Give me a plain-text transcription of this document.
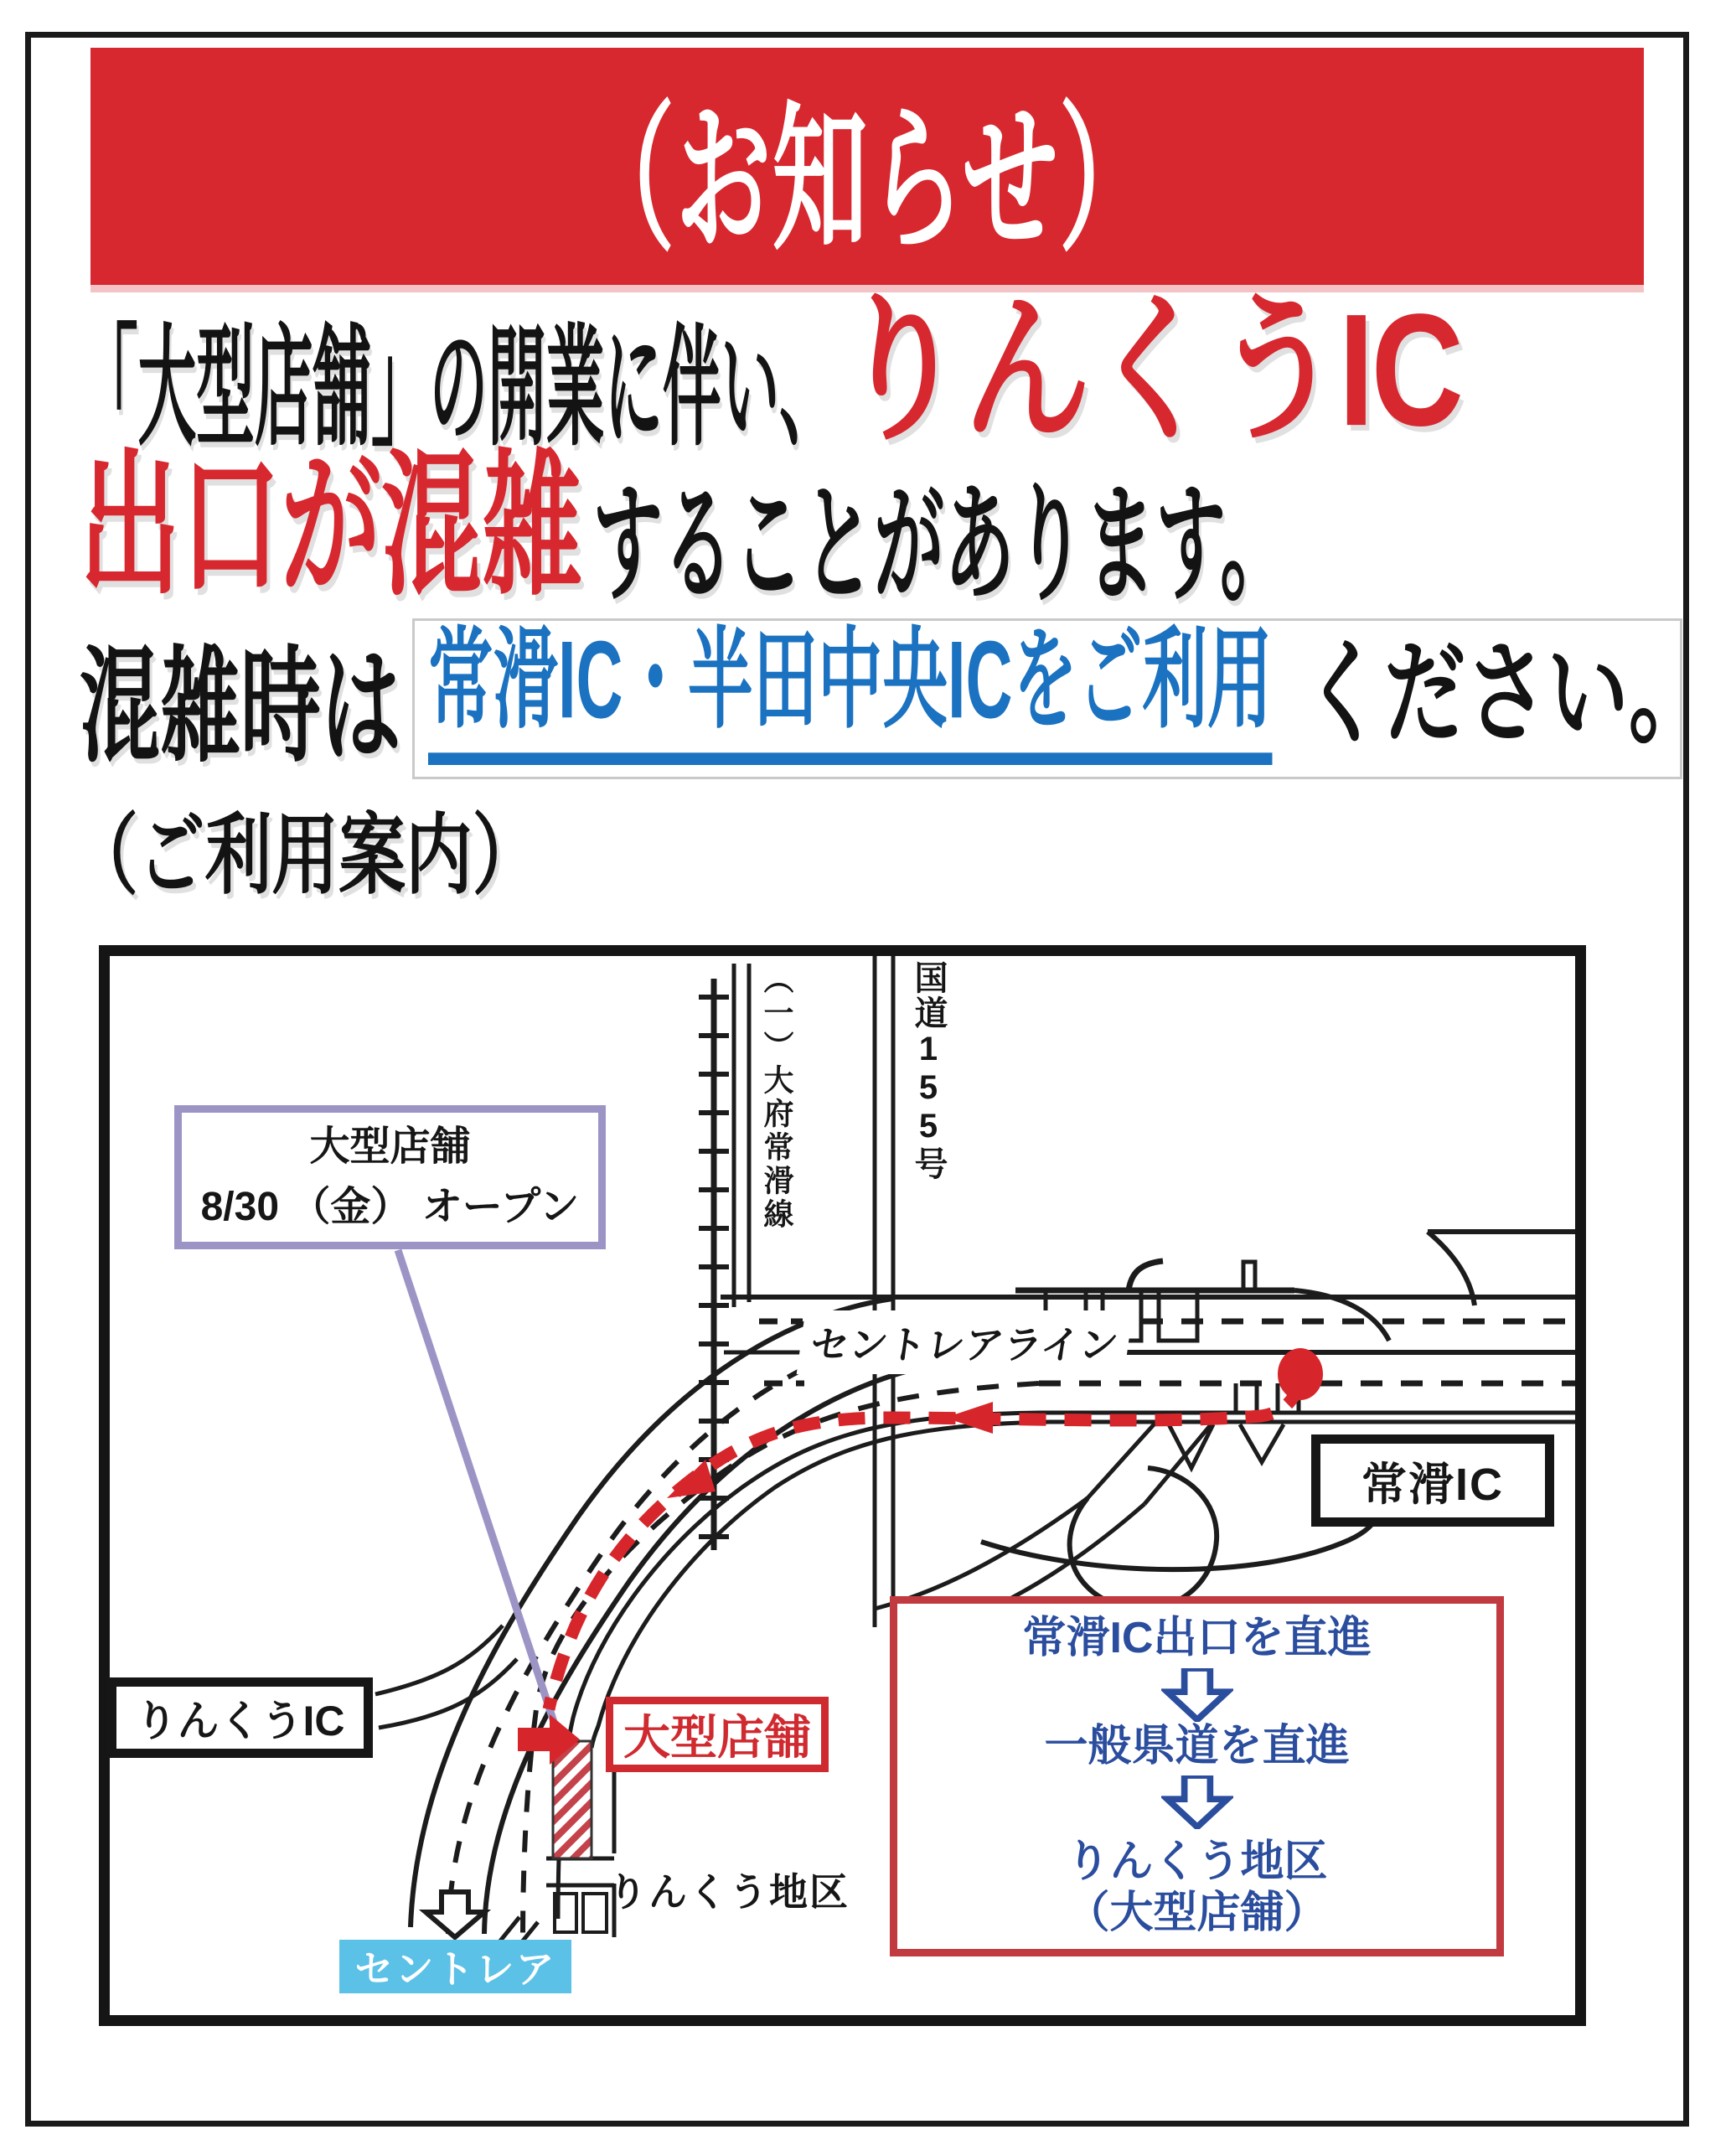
（お知らせ）
「大型店舗」の開業に伴い、 りんくうIC
出口が混雑 することがあります。
常滑IC・半田中央ICをご利用 ください。
混雑時は
（ご利用案内）
（一）大府常滑線	国道155号
セントレアライン
りんくう地区
大型店舗
8/30 （金） オープン
常滑IC
りんくうIC	大型店舗
セントレア
常滑IC出口を直進
一般県道を直進
りんくう地区
（大型店舗）
